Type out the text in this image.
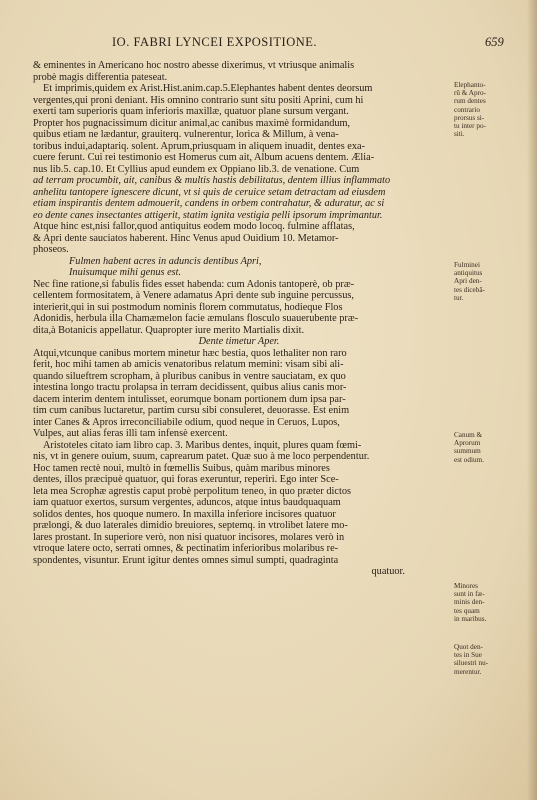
IO. FABRI LYNCEI EXPOSITIONE.	659
& eminentes in Americano hoc nostro abesse dixerimus, vt vtriusque animalis
probè magis differentia pateseat.
Et imprimis,quidem ex Arist.Hist.anim.cap.5.Elephantes habent dentes deorsum
vergentes,qui proni deniant. His omnino contrario sunt situ positi Aprini, cum hi
exerti tam superioris quam inferioris maxillæ, quatuor plane sursum vergant.
Propter hos pugnacissimum dicitur animal,ac canibus maximè formidandum,
quibus etiam ne lædantur, grauiterq. vulnerentur, lorica & Millum, à vena-
toribus indui,adaptariq. solent. Aprum,priusquam in aliquem inuadit, dentes exa-
cuere ferunt. Cui rei testimonio est Homerus cum ait, Album acuens dentem. Ælia-
nus lib.5. cap.10. Et Cyllius apud eundem ex Oppiano lib.3. de venatione. Cum
ad terram procumbit, ait, canibus & multis hastis debilitatus, dentem illius inflammato
anhelitu tantopere ignescere dicunt, vt si quis de ceruice setam detractam ad eiusdem
etiam inspirantis dentem admouerit, candens in orbem contrahatur, & aduratur, ac si
eo dente canes insectantes attigerit, statim ignita vestigia pelli ipsorum imprimantur.
Atque hinc est,nisi fallor,quod antiquitus eodem modo locoq. fulmine afflatas,
& Apri dente sauciatos haberent. Hinc Venus apud Ouidium 10. Metamor-
phoseos.
Fulmen habent acres in aduncis dentibus Apri,
Inuisumque mihi genus est.
Nec fine ratione,si fabulis fides esset habenda: cum Adonis tantoperè, ob præ-
cellentem formositatem, à Venere adamatus Apri dente sub inguine percussus,
interierit,qui in sui postmodum nominis florem commutatus, hodieque Flos
Adonidis, herbula illa Chamæmelon facie æmulans flosculo suauerubente præ-
dita,à Botanicis appellatur. Quapropter iure merito Martialis dixit.
Dente timetur Aper.
Atqui,vtcunque canibus mortem minetur hæc bestia, quos lethaliter non raro
ferit, hoc mihi tamen ab amicis venatoribus relatum memini: visam sibi ali-
quando silueftrem scropham, à pluribus canibus in ventre sauciatam, ex quo
intestina longo tractu prolapsa in terram decidissent, quibus alius canis mor-
dacem interim dentem intulisset, eorumque bonam portionem dum ipsa par-
tim cum canibus luctaretur, partim cursu sibi consuleret, deuorasse. Est enim
inter Canes & Apros irreconciliabile odium, quod neque in Ceruos, Lupos,
Vulpes, aut alias feras illi tam infensè exercent.
Aristoteles citato iam libro cap. 3. Maribus dentes, inquit, plures quam fœmi-
nis, vt in genere ouium, suum, caprearum patet. Quæ suo à me loco perpendentur.
Hoc tamen rectè noui, multò in fœmellis Suibus, quàm maribus minores
dentes, illos præcipuè quatuor, qui foras exeruntur, reperiri. Ego inter Sce-
leta mea Scrophæ agrestis caput probè perpolitum teneo, in quo præter dictos
iam quatuor exertos, sursum vergentes, aduncos, atque intus baudquaquam
solidos dentes, hos quoque numero. In maxilla inferiore incisores quatuor
prælongi, & duo laterales dimidio breuiores, septemq. in vtrolibet latere mo-
lares prostant. In superiore verò, non nisi quatuor incisores, molares verò in
vtroque latere octo, serrati omnes, & pectinatim inferioribus molaribus re-
spondentes, visuntur. Erunt igitur dentes omnes simul sumpti, quadraginta
quatuor.
Elephanto-
rū & Apro-
rum dentes
contrario
prorsus si-
tu inter po-
siti.
Fulminei
antiquitus
Apri den-
tes dicebā-
tur.
Canum &
Aprorum
summum
est odium.
Minores
sunt in fæ-
minis den-
tes quam
in maribus.
Quot den-
tes in Sue
siluestri nu-
merentur.
